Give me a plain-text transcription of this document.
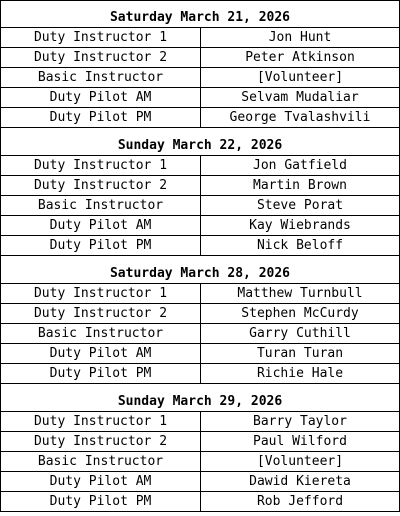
Saturday March 21, 2026
Duty Instructor 1	Jon Hunt
Duty Instructor 2	Peter Atkinson
Basic Instructor	[Volunteer]
Duty Pilot AM	Selvam Mudaliar
Duty Pilot PM	George Tvalashvili
Sunday March 22, 2026
Duty Instructor 1	Jon Gatfield
Duty Instructor 2	Martin Brown
Basic Instructor	Steve Porat
Duty Pilot AM	Kay Wiebrands
Duty Pilot PM	Nick Beloff
Saturday March 28, 2026
Duty Instructor 1	Matthew Turnbull
Duty Instructor 2	Stephen McCurdy
Basic Instructor	Garry Cuthill
Duty Pilot AM	Turan Turan
Duty Pilot PM	Richie Hale
Sunday March 29, 2026
Duty Instructor 1	Barry Taylor
Duty Instructor 2	Paul Wilford
Basic Instructor	[Volunteer]
Duty Pilot AM	Dawid Kiereta
Duty Pilot PM	Rob Jefford
